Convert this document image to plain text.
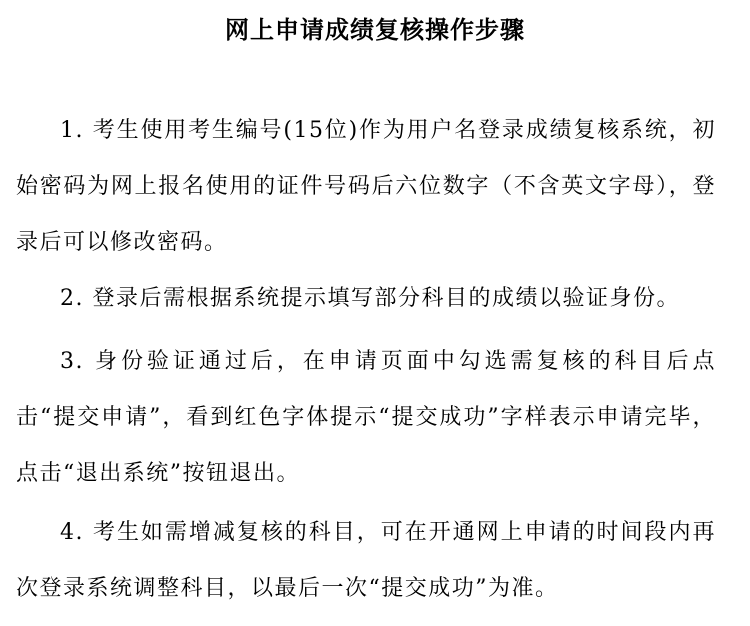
网上申请成绩复核操作步骤

1. 考生使用考生编号(15位)作为用户名登录成绩复核系统，初始密码为网上报名使用的证件号码后六位数字（不含英文字母），登录后可以修改密码。

2. 登录后需根据系统提示填写部分科目的成绩以验证身份。

3. 身份验证通过后，在申请页面中勾选需复核的科目后点击“提交申请”，看到红色字体提示“提交成功”字样表示申请完毕，点击“退出系统”按钮退出。

4. 考生如需增减复核的科目，可在开通网上申请的时间段内再次登录系统调整科目，以最后一次“提交成功”为准。
